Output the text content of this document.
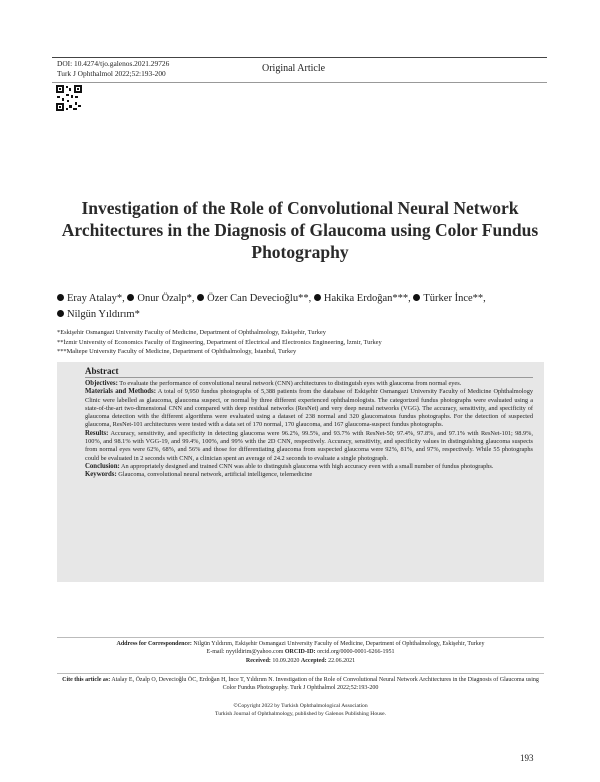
DOI: 10.4274/tjo.galenos.2021.29726
Turk J Ophthalmol 2022;52:193-200	Original Article
Investigation of the Role of Convolutional Neural Network Architectures in the Diagnosis of Glaucoma using Color Fundus Photography
Eray Atalay*, Onur Özalp*, Özer Can Devecioğlu**, Hakika Erdoğan***, Türker İnce**,
Nilgün Yıldırım*
*Eskişehir Osmangazi University Faculty of Medicine, Department of Ophthalmology, Eskişehir, Turkey
**İzmir University of Economics Faculty of Engineering, Department of Electrical and Electronics Engineering, İzmir, Turkey
***Maltepe University Faculty of Medicine, Department of Ophthalmology, İstanbul, Turkey
Abstract

Objectives: To evaluate the performance of convolutional neural network (CNN) architectures to distinguish eyes with glaucoma from normal eyes.

Materials and Methods: A total of 9,950 fundus photographs of 5,388 patients from the database of Eskişehir Osmangazi University Faculty of Medicine Ophthalmology Clinic were labelled as glaucoma, glaucoma suspect, or normal by three different experienced ophthalmologists. The categorized fundus photographs were evaluated using a state-of-the-art two-dimensional CNN and compared with deep residual networks (ResNet) and very deep neural networks (VGG). The accuracy, sensitivity, and specificity of glaucoma detection with the different algorithms were evaluated using a dataset of 238 normal and 320 glaucomatous fundus photographs. For the detection of suspected glaucoma, ResNet-101 architectures were tested with a data set of 170 normal, 170 glaucoma, and 167 glaucoma-suspect fundus photographs.

Results: Accuracy, sensitivity, and specificity in detecting glaucoma were 96.2%, 99.5%, and 93.7% with ResNet-50; 97.4%, 97.8%, and 97.1% with ResNet-101; 98.9%, 100%, and 98.1% with VGG-19, and 99.4%, 100%, and 99% with the 2D CNN, respectively. Accuracy, sensitivity, and specificity values in distinguishing glaucoma suspects from normal eyes were 62%, 68%, and 56% and those for differentiating glaucoma from suspected glaucoma were 92%, 81%, and 97%, respectively. While 55 photographs could be evaluated in 2 seconds with CNN, a clinician spent an average of 24.2 seconds to evaluate a single photograph.

Conclusion: An appropriately designed and trained CNN was able to distinguish glaucoma with high accuracy even with a small number of fundus photographs.

Keywords: Glaucoma, convolutional neural network, artificial intelligence, telemedicine

Address for Correspondence: Nilgün Yıldırım, Eskişehir Osmangazi University Faculty of Medicine, Department of Ophthalmology, Eskişehir, Turkey
E-mail: nyyildirim@yahoo.com ORCID-ID: orcid.org/0000-0001-6266-1951
Received: 10.09.2020 Accepted: 22.06.2021
Cite this article as: Atalay E, Özalp O, Devecioğlu ÖC, Erdoğan H, İnce T, Yıldırım N. Investigation of the Role of Convolutional Neural Network Architectures in the Diagnosis of Glaucoma using Color Fundus Photography. Turk J Ophthalmol 2022;52:193-200
©Copyright 2022 by Turkish Ophthalmological Association
Turkish Journal of Ophthalmology, published by Galenos Publishing House.
193
